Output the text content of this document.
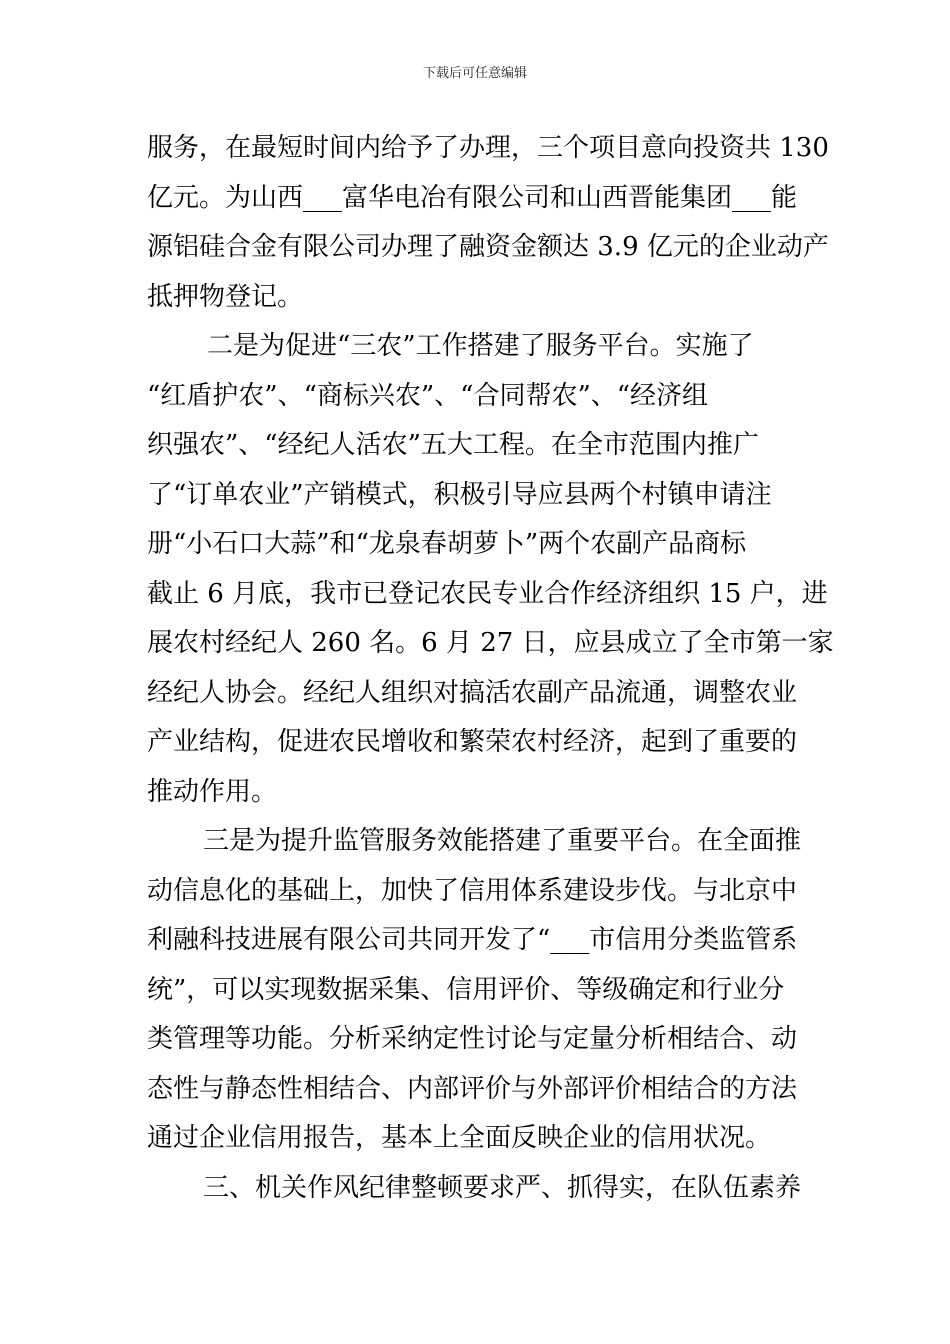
下载后可任意编辑
服务，在最短时间内给予了办理，三个项目意向投资共 130
亿元。为山西___富华电冶有限公司和山西晋能集团___能
源铝硅合金有限公司办理了融资金额达 3.9 亿元的企业动产
抵押物登记。
二是为促进“三农”工作搭建了服务平台。实施了
“红盾护农”、“商标兴农”、“合同帮农”、“经济组
织强农”、“经纪人活农”五大工程。在全市范围内推广
了“订单农业”产销模式，积极引导应县两个村镇申请注
册“小石口大蒜”和“龙泉春胡萝卜”两个农副产品商标
截止 6 月底，我市已登记农民专业合作经济组织 15 户，进
展农村经纪人 260 名。6 月 27 日，应县成立了全市第一家
经纪人协会。经纪人组织对搞活农副产品流通，调整农业
产业结构，促进农民增收和繁荣农村经济，起到了重要的
推动作用。
三是为提升监管服务效能搭建了重要平台。在全面推
动信息化的基础上，加快了信用体系建设步伐。与北京中
利融科技进展有限公司共同开发了“___市信用分类监管系
统”，可以实现数据采集、信用评价、等级确定和行业分
类管理等功能。分析采纳定性讨论与定量分析相结合、动
态性与静态性相结合、内部评价与外部评价相结合的方法
通过企业信用报告，基本上全面反映企业的信用状况。
三、机关作风纪律整顿要求严、抓得实，在队伍素养
